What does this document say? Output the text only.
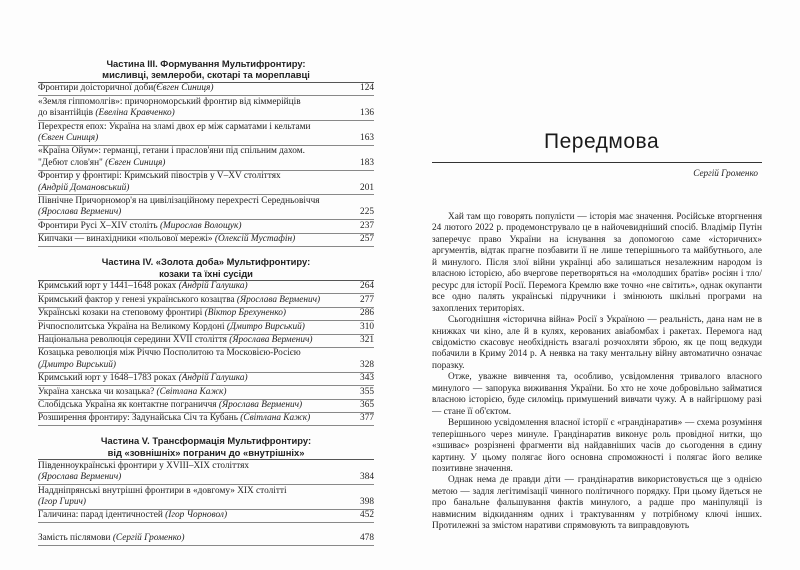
Частина ІІІ. Формування Мультифронтиру:
мисливці, землероби, скотарі та мореплавці
Фронтири доісторичної доби(Євген Синиця)	124
«Земля гіппомолгів»: причорноморський фронтир від кіммерійців
до візантійців (Евеліна Кравченко)	136
Перехрестя епох: Україна на зламі двох ер між сарматами і кельтами
(Євген Синиця)	163
«Країна Ойум»: германці, гетани і праслов'яни під спільним дахом.
"Дебют слов'ян" (Євген Синиця)	183
Фронтир у фронтирі: Кримський півострів у V–XV століттях
(Андрій Домановський)	201
Північне Причорномор'я на цивілізаційному перехресті Середньовіччя
(Ярослава Верменич)	225
Фронтири Русі X–XIV століть (Мирослав Волощук)	237
Кипчаки — винахідники «польової мережі» (Олексій Мустафін)	257
Частина IV. «Золота доба» Мультифронтиру:
козаки та їхні сусіди
Кримський юрт у 1441–1648 роках (Андрій Галушка)	264
Кримський фактор у генезі українського козацтва (Ярослава Верменич)	277
Українські козаки на степовому фронтирі (Віктор Брехуненко)	286
Річпосполитська Україна на Великому Кордоні (Дмитро Вирський)	310
Національна революція середини XVII століття (Ярослава Верменич)	321
Козацька революція між Річчю Посполитою та Московією-Росією
(Дмитро Вирський)	328
Кримський юрт у 1648–1783 роках (Андрій Галушка)	343
Україна ханська чи козацька? (Світлана Кажк)	355
Слобідська Україна як контактне пограниччя (Ярослава Верменич)	365
Розширення фронтиру: Задунайська Січ та Кубань (Світлана Кажк)	377
Частина V. Трансформація Мультифронтиру:
від «зовнішніх» погранич до «внутрішніх»
Південноукраїнські фронтири у XVIII–XIX століттях
(Ярослава Верменич)	384
Наддніпрянські внутрішні фронтири в «довгому» XIX столітті
(Ігор Гирич)	398
Галичина: парад ідентичностей (Ігор Чорновол)	452
Замість післямови (Сергій Громенко)	478
Передмова
Сергій Громенко

Хай там що говорять популісти — історія має значення. Російське вторгнення 24 лютого 2022 р. продемонструвало це в найочевидніший спосіб. Владімір Путін заперечує право України на існування за допомогою саме «історичних» аргументів, відтак прагне позбавити її не лише теперішнього та майбутнього, але й минулого. Після злої війни українці або залишаться незалежним народом із власною історією, або вчергове перетворяться на «молодших братів» росіян і тло/ресурс для історії Росії. Перемога Кремлю вже точно «не світить», однак окупанти все одно палять українські підручники і змінюють шкільні програми на захоплених територіях.

Сьогоднішня «історична війна» Росії з Україною — реальність, дана нам не в книжках чи кіно, але й в кулях, керованих авіабомбах і ракетах. Перемога над свідомістю скасовує необхідність взагалі розчохляти зброю, як це пощ ведкуди побачили в Криму 2014 р. А неявка на таку ментальну війну автоматично означає поразку.

Отже, уважне вивчення та, особливо, усвідомлення тривалого власного минулого — запорука виживання України. Бо хто не хоче добровільно займатися власною історією, буде силоміць примушений вивчати чужу. А в найгіршому разі — стане її об'єктом.

Вершиною усвідомлення власної історії є «грандінаратив» — схема розуміння теперішнього через минуле. Грандінаратив виконує роль провідної нитки, що «зшиває» розрізнені фрагменти від найдавніших часів до сьогодення в єдину картину. У цьому полягає його основна спроможності і полягає його велике позитивне значення.

Однак нема де правди діти — грандінаратив використовується ще з однією метою — задля легітимізації чинного політичного порядку. При цьому йдеться не про банальне фальшування фактів минулого, а радше про маніпуляції із навмисним відкиданням одних і трактуванням у потрібному ключі інших. Протилежні за змістом наративи спрямовують та виправдовують
